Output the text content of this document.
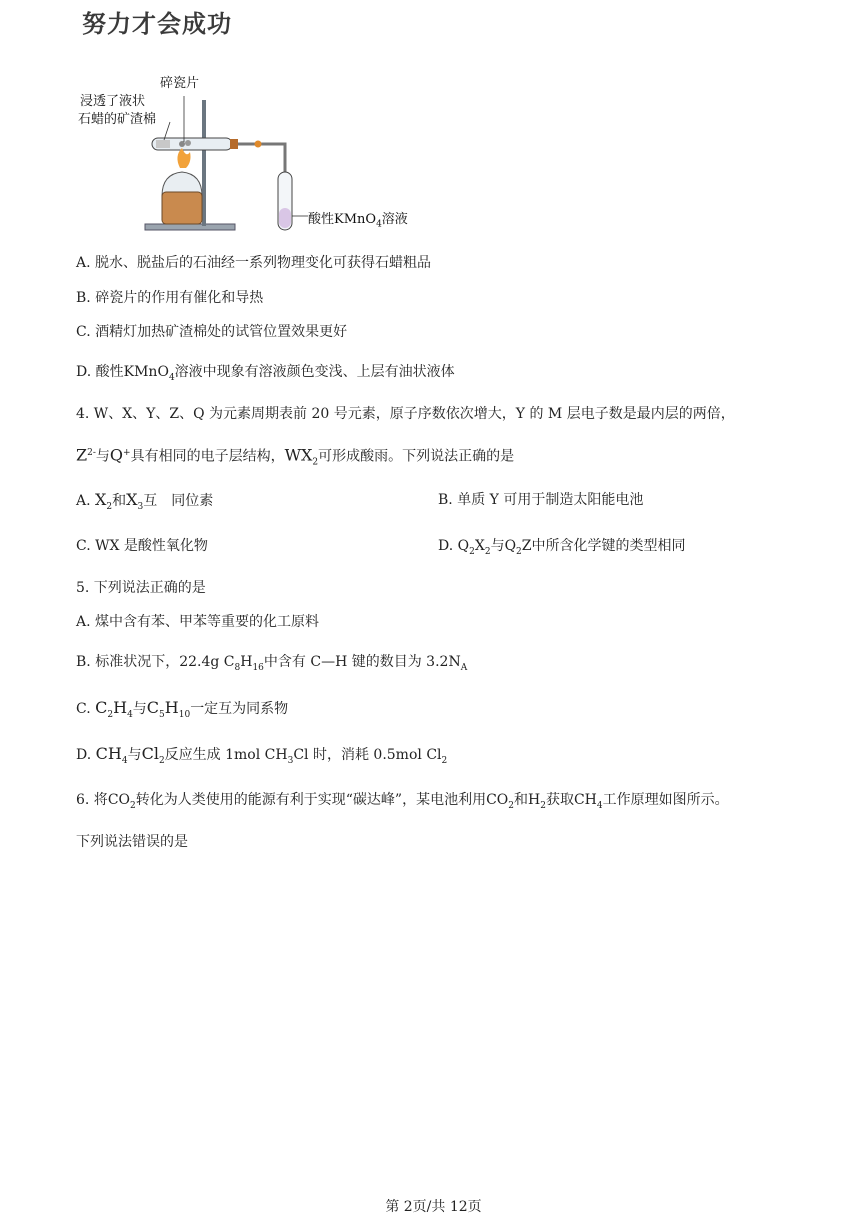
努力才会成功
碎瓷片
浸透了液状
石蜡的矿渣棉
酸性KMnO$_4$溶液
A. 脱水、脱盐后的石油经一系列物理变化可获得石蜡粗品
B. 碎瓷片的作用有催化和导热
C. 酒精灯加热矿渣棉处的试管位置效果更好
D. 酸性KMnO$_4$溶液中现象有溶液颜色变浅、上层有油状液体
4. W、X、Y、Z、Q 为元素周期表前 20 号元素，原子序数依次增大，Y 的 M 层电子数是最内层的两倍，
$Z^{2-}$与Q+具有相同的电子层结构，$WX_2$可形成酸雨。下列说法正确的是
A. $X_2$和$X_3$互　同位素	B. 单质 Y 可用于制造太阳能电池
C. WX 是酸性氧化物	D. $Q_2X_2$与$Q_2Z$中所含化学键的类型相同
5. 下列说法正确的是
A. 煤中含有苯、甲苯等重要的化工原料
B. 标准状况下，22.4g $C_8H_{16}$中含有 C—H 键的数目为 $3.2N_A$
C. $C_2H_4$与$C_5H_{10}$一定互为同系物
D. $CH_4$与$Cl_2$反应生成 1mol $CH_3Cl$ 时，消耗 0.5mol $Cl_2$
6. 将$CO_2$转化为人类使用的能源有利于实现“碳达峰”，某电池利用$CO_2$和$H_2$获取$CH_4$工作原理如图所示。
下列说法错误的是
第 2页/共 12页
